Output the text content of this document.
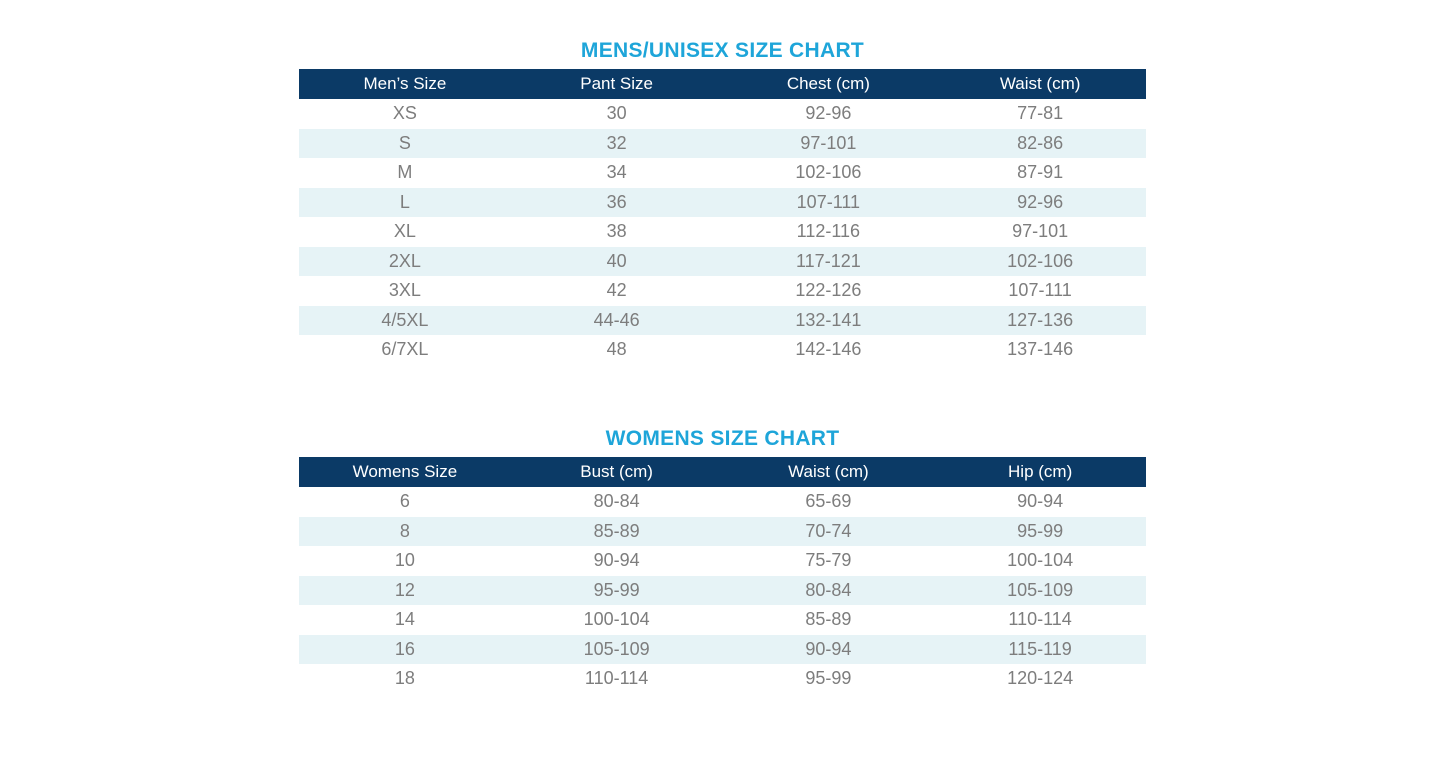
MENS/UNISEX SIZE CHART
Men’s Size	Pant Size	Chest (cm)	Waist (cm)
XS	30	92-96	77-81
S	32	97-101	82-86
M	34	102-106	87-91
L	36	107-111	92-96
XL	38	112-116	97-101
2XL	40	117-121	102-106
3XL	42	122-126	107-111
4/5XL	44-46	132-141	127-136
6/7XL	48	142-146	137-146
WOMENS SIZE CHART
Womens Size	Bust (cm)	Waist (cm)	Hip (cm)
6	80-84	65-69	90-94
8	85-89	70-74	95-99
10	90-94	75-79	100-104
12	95-99	80-84	105-109
14	100-104	85-89	110-114
16	105-109	90-94	115-119
18	110-114	95-99	120-124
